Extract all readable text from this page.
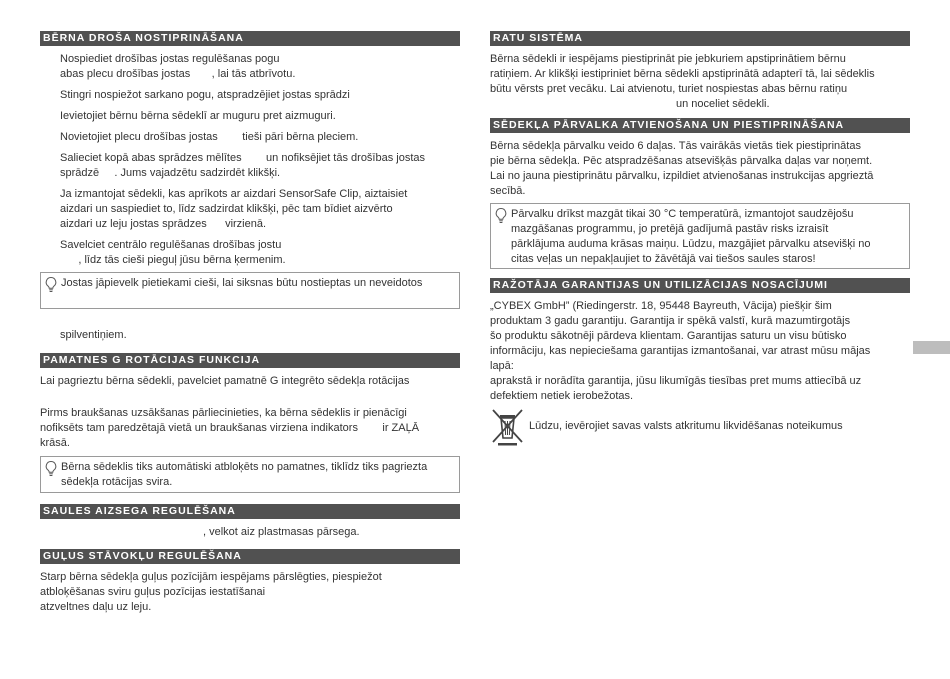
BĒRNA DROŠA NOSTIPRINĀŠANA

Nospiediet drošības jostas regulēšanas pogu

abas plecu drošības jostas       , lai tās atbrīvotu.

Stingri nospiežot sarkano pogu, atspradzējiet jostas sprādzi

Ievietojiet bērnu bērna sēdeklī ar muguru pret aizmuguri.

Novietojiet plecu drošības jostas        tieši pāri bērna pleciem.

Salieciet kopā abas sprādzes mēlītes        un nofiksējiet tās drošības jostas

sprādzē     . Jums vajadzētu sadzirdēt klikšķi.

Ja izmantojat sēdekli, kas aprīkots ar aizdari SensorSafe Clip, aiztaisiet

aizdari un saspiediet to, līdz sadzirdat klikšķi, pēc tam bīdiet aizvērto

aizdari uz leju jostas sprādzes      virzienā.

Savelciet centrālo regulēšanas drošības jostu

, līdz tās cieši pieguļ jūsu bērna ķermenim.

Jostas jāpievelk pietiekami cieši, lai siksnas būtu nostieptas un neveidotos

spilventiņiem.

PAMATNES G ROTĀCIJAS FUNKCIJA

Lai pagrieztu bērna sēdekli, pavelciet pamatnē G integrēto sēdekļa rotācijas

Pirms braukšanas uzsākšanas pārliecinieties, ka bērna sēdeklis ir pienācīgi

nofiksēts tam paredzētajā vietā un braukšanas virziena indikators        ir ZAĻĀ

krāsā.

Bērna sēdeklis tiks automātiski atbloķēts no pamatnes, tiklīdz tiks pagriezta

sēdekļa rotācijas svira.

SAULES AIZSEGA REGULĒŠANA

, velkot aiz plastmasas pārsega.

GUĻUS STĀVOKĻU REGULĒŠANA

Starp bērna sēdekļa guļus pozīcijām iespējams pārslēgties, piespiežot

atbloķēšanas sviru guļus pozīcijas iestatīšanai

atzveltnes daļu uz leju.

RATU SISTĒMA

Bērna sēdekli ir iespējams piestiprināt pie jebkuriem apstiprinātiem bērnu

ratiņiem. Ar klikšķi iestipriniet bērna sēdekli apstiprinātā adapterī tā, lai sēdeklis

būtu vērsts pret vecāku. Lai atvienotu, turiet nospiestas abas bērnu ratiņu

un noceliet sēdekli.

SĒDEKĻA PĀRVALKA ATVIENOŠANA UN PIESTIPRINĀŠANA

Bērna sēdekļa pārvalku veido 6 daļas. Tās vairākās vietās tiek piestiprinātas

pie bērna sēdekļa. Pēc atspradzēšanas atsevišķās pārvalka daļas var noņemt.

Lai no jauna piestiprinātu pārvalku, izpildiet atvienošanas instrukcijas apgrieztā

secībā.

Pārvalku drīkst mazgāt tikai 30 °C temperatūrā, izmantojot saudzējošu

mazgāšanas programmu, jo pretējā gadījumā pastāv risks izraisīt

pārklājuma auduma krāsas maiņu. Lūdzu, mazgājiet pārvalku atsevišķi no

citas veļas un nepakļaujiet to žāvētājā vai tiešos saules staros!

RAŽOTĀJA GARANTIJAS UN UTILIZĀCIJAS NOSACĪJUMI

„CYBEX GmbH” (Riedingerstr. 18, 95448 Bayreuth, Vācija) piešķir šim

produktam 3 gadu garantiju. Garantija ir spēkā valstī, kurā mazumtirgotājs

šo produktu sākotnēji pārdeva klientam. Garantijas saturu un visu būtisko

informāciju, kas nepieciešama garantijas izmantošanai, var atrast mūsu mājas

lapā:

aprakstā ir norādīta garantija, jūsu likumīgās tiesības pret mums attiecībā uz

defektiem netiek ierobežotas.

Lūdzu, ievērojiet savas valsts atkritumu likvidēšanas noteikumus
